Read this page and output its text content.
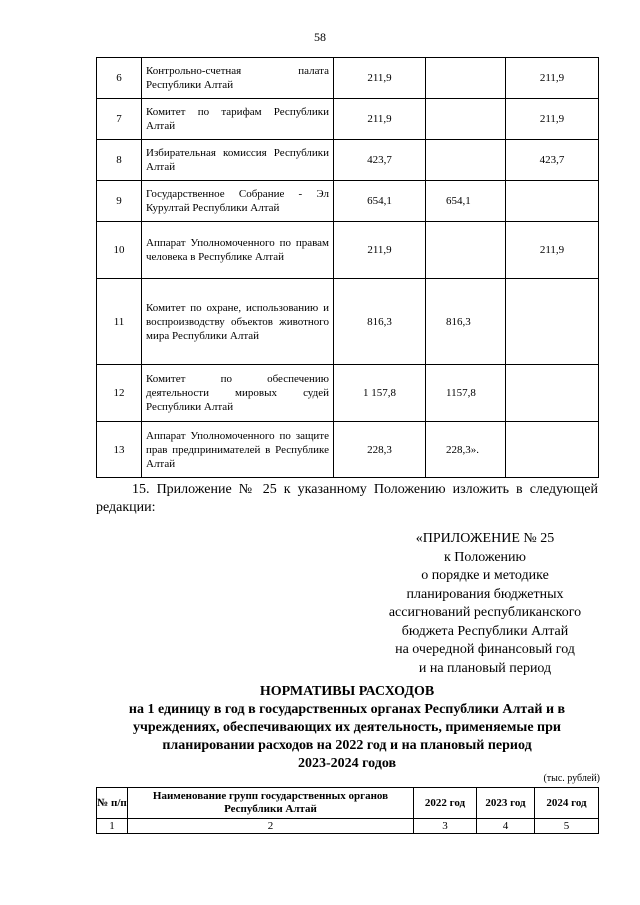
58
6	Контрольно-счетная палата Республики Алтай	211,9		211,9
7	Комитет по тарифам Республики Алтай	211,9		211,9
8	Избирательная комиссия Республики Алтай	423,7		423,7
9	Государственное Собрание - Эл Курултай Республики Алтай	654,1	654,1	
10	Аппарат Уполномоченного по правам человека в Республике Алтай	211,9		211,9
11	Комитет по охране, использованию и воспроизводству объектов животного мира Республики Алтай	816,3	816,3	
12	Комитет по обеспечению деятельности мировых судей Республики Алтай	1 157,8	1157,8	
13	Аппарат Уполномоченного по защите прав предпринимателей в Республике Алтай	228,3	228,3».	
15. Приложение № 25 к указанному Положению изложить в следующей редакции:
«ПРИЛОЖЕНИЕ № 25
к Положению
о порядке и методике
планирования бюджетных
ассигнований республиканского
бюджета Республики Алтай
на очередной финансовый год
и на плановый период
НОРМАТИВЫ РАСХОДОВ
на 1 единицу в год в государственных органах Республики Алтай и в
учреждениях, обеспечивающих их деятельность, применяемые при
планировании расходов на 2022 год и на плановый период
2023-2024 годов
(тыс. рублей)
№ п/п	Наименование групп государственных органов Республики Алтай	2022 год	2023 год	2024 год
1	2	3	4	5
